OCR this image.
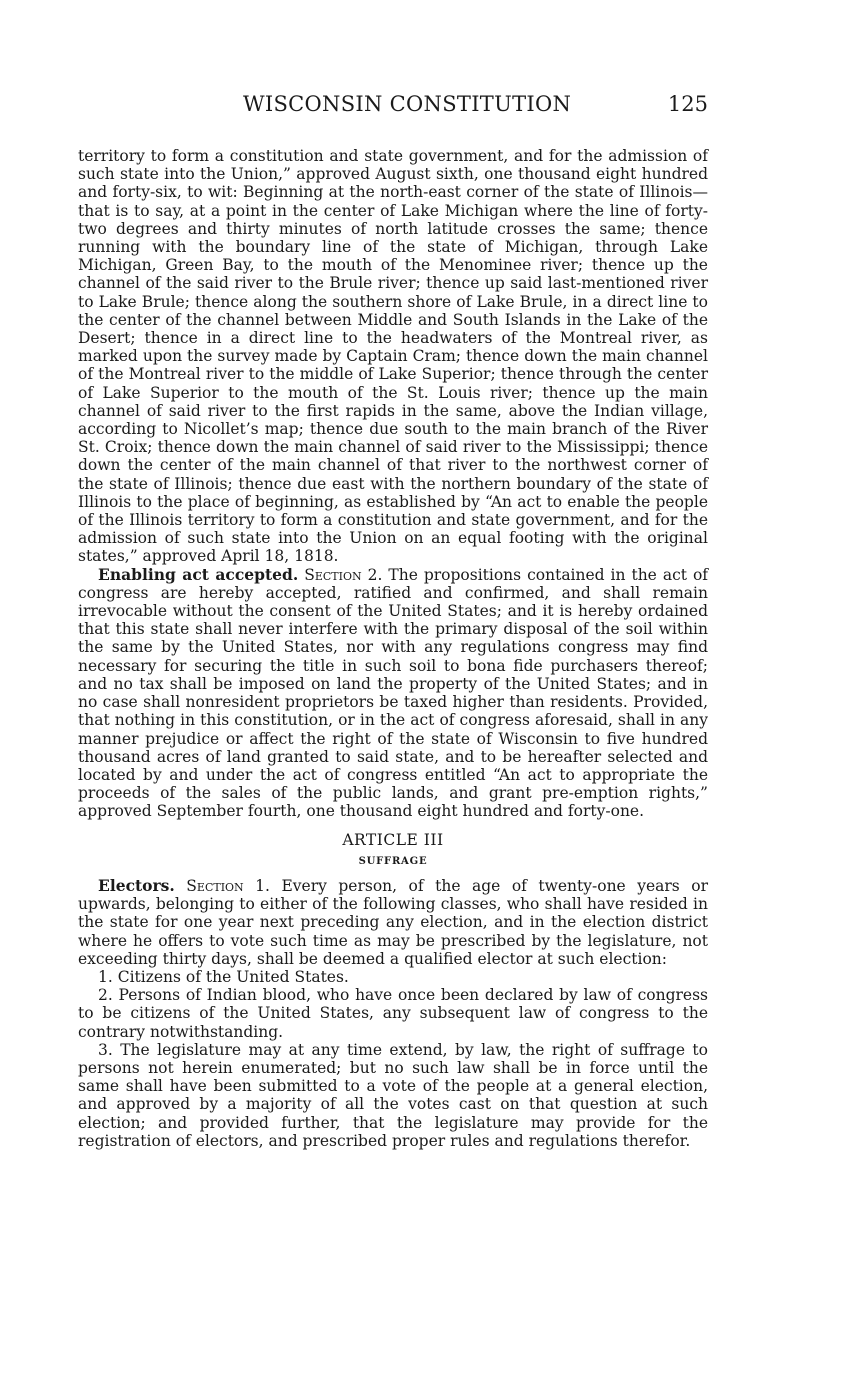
WISCONSIN CONSTITUTION	125

territory to form a constitution and state government, and for the admission of such state into the Union,” approved August sixth, one thousand eight hundred and forty-six, to wit: Beginning at the north-east corner of the state of Illinois—that is to say, at a point in the center of Lake Michigan where the line of forty-two degrees and thirty minutes of north latitude crosses the same; thence running with the boundary line of the state of Michigan, through Lake Michigan, Green Bay, to the mouth of the Menominee river; thence up the channel of the said river to the Brule river; thence up said last-mentioned river to Lake Brule; thence along the southern shore of Lake Brule, in a direct line to the center of the channel between Middle and South Islands in the Lake of the Desert; thence in a direct line to the headwaters of the Montreal river, as marked upon the survey made by Captain Cram; thence down the main channel of the Montreal river to the middle of Lake Superior; thence through the center of Lake Superior to the mouth of the St. Louis river; thence up the main channel of said river to the first rapids in the same, above the Indian village, according to Nicollet’s map; thence due south to the main branch of the River St. Croix; thence down the main channel of said river to the Mississippi; thence down the center of the main channel of that river to the northwest corner of the state of Illinois; thence due east with the northern boundary of the state of Illinois to the place of beginning, as established by “An act to enable the people of the Illinois territory to form a constitution and state government, and for the admission of such state into the Union on an equal footing with the original states,” approved April 18, 1818.

Enabling act accepted. Section 2. The propositions contained in the act of congress are hereby accepted, ratified and confirmed, and shall remain irrevocable without the consent of the United States; and it is hereby ordained that this state shall never interfere with the primary disposal of the soil within the same by the United States, nor with any regulations congress may find necessary for securing the title in such soil to bona fide purchasers thereof; and no tax shall be imposed on land the property of the United States; and in no case shall nonresident proprietors be taxed higher than residents. Provided, that nothing in this constitution, or in the act of congress aforesaid, shall in any manner prejudice or affect the right of the state of Wisconsin to five hundred thousand acres of land granted to said state, and to be hereafter selected and located by and under the act of congress entitled “An act to appropriate the proceeds of the sales of the public lands, and grant pre-emption rights,” approved September fourth, one thousand eight hundred and forty-one.

ARTICLE III
SUFFRAGE

Electors. Section 1. Every person, of the age of twenty-one years or upwards, belonging to either of the following classes, who shall have resided in the state for one year next preceding any election, and in the election district where he offers to vote such time as may be prescribed by the legislature, not exceeding thirty days, shall be deemed a qualified elector at such election:

1. Citizens of the United States.

2. Persons of Indian blood, who have once been declared by law of congress to be citizens of the United States, any subsequent law of congress to the contrary notwithstanding.

3. The legislature may at any time extend, by law, the right of suffrage to persons not herein enumerated; but no such law shall be in force until the same shall have been submitted to a vote of the people at a general election, and approved by a majority of all the votes cast on that question at such election; and provided further, that the legislature may provide for the registration of electors, and prescribed proper rules and regulations therefor.
